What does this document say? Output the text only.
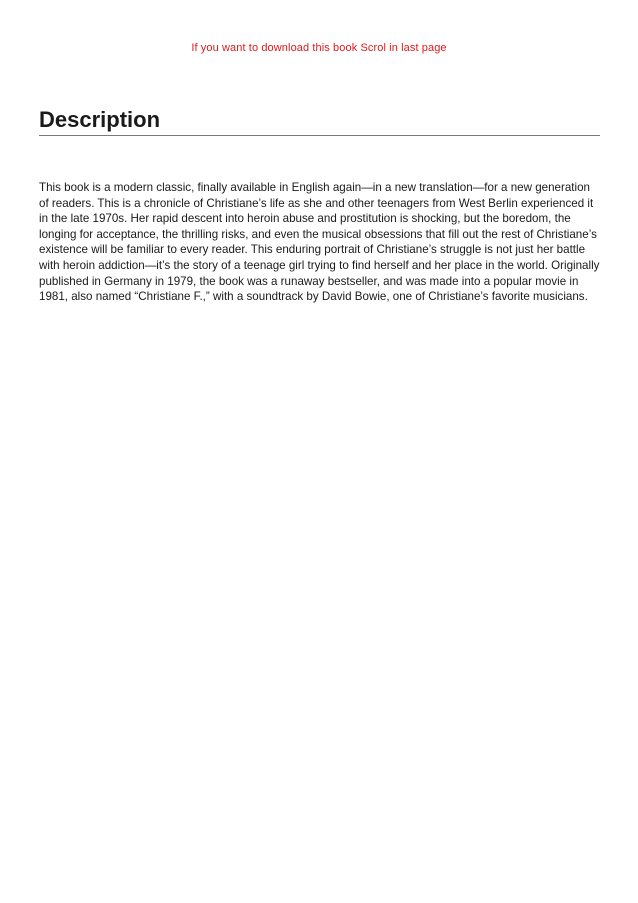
If you want to download this book Scrol in last page
Description

This book is a modern classic, finally available in English again—in a new translation—for a new generation of readers. This is a chronicle of Christiane’s life as she and other teenagers from West Berlin experienced it in the late 1970s. Her rapid descent into heroin abuse and prostitution is shocking, but the boredom, the longing for acceptance, the thrilling risks, and even the musical obsessions that fill out the rest of Christiane’s existence will be familiar to every reader. This enduring portrait of Christiane’s struggle is not just her battle with heroin addiction—it’s the story of a teenage girl trying to find herself and her place in the world. Originally published in Germany in 1979, the book was a runaway bestseller, and was made into a popular movie in 1981, also named “Christiane F.,” with a soundtrack by David Bowie, one of Christiane’s favorite musicians.
